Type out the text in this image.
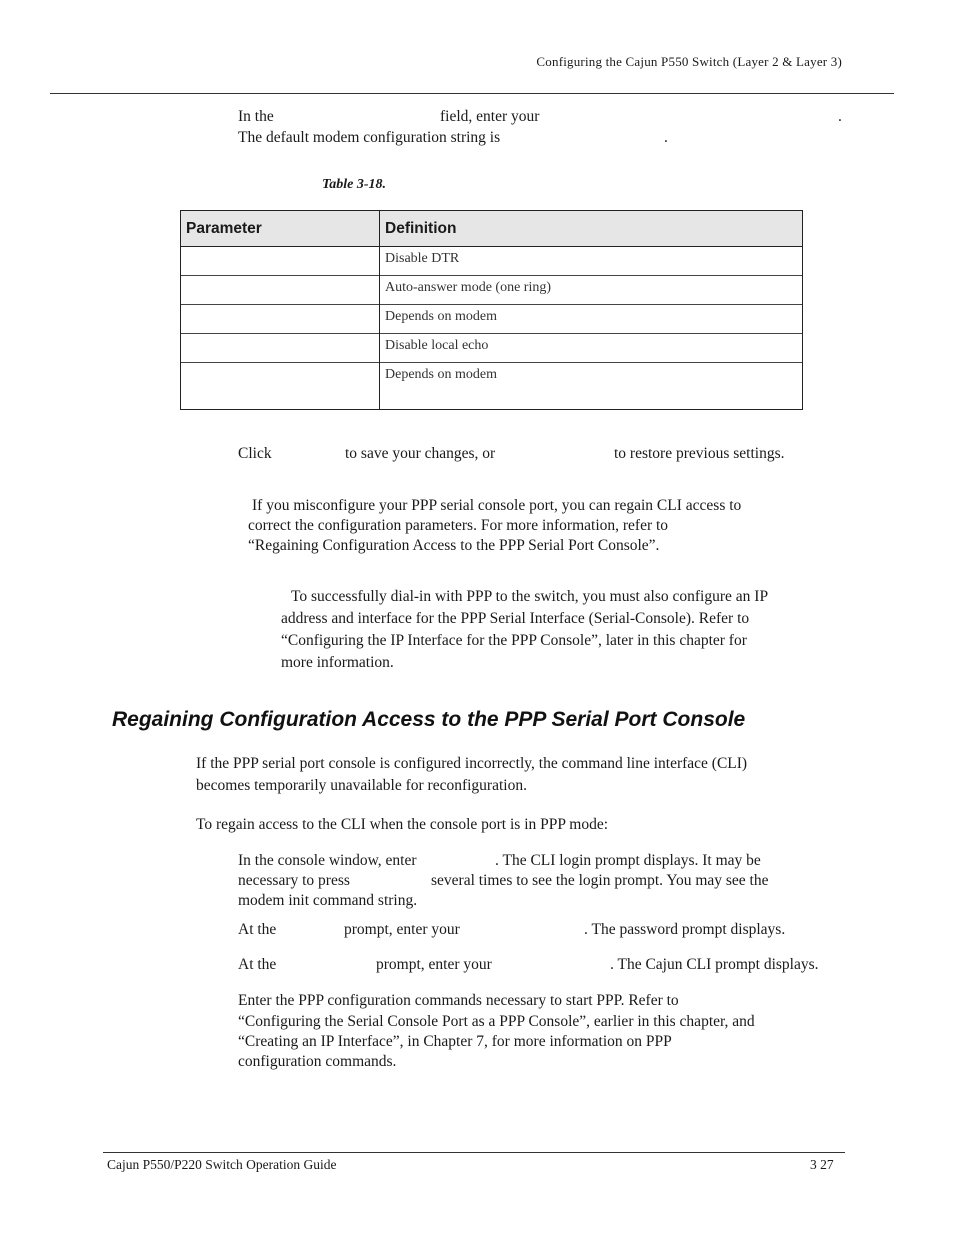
Configuring the Cajun P550 Switch (Layer 2 & Layer 3)
In the	field, enter your	.
The default modem configuration string is	.
Table 3-18.
Parameter	Definition
	Disable DTR
	Auto-answer mode (one ring)
	Depends on modem
	Disable local echo
	Depends on modem
Click	to save your changes, or	to restore previous settings.
If you misconfigure your PPP serial console port, you can regain CLI access to
correct the configuration parameters. For more information, refer to
“Regaining Configuration Access to the PPP Serial Port Console”.
To successfully dial-in with PPP to the switch, you must also configure an IP
address and interface for the PPP Serial Interface (Serial-Console). Refer to
“Configuring the IP Interface for the PPP Console”, later in this chapter for
more information.
Regaining Configuration Access to the PPP Serial Port Console
If the PPP serial port console is configured incorrectly, the command line interface (CLI)
becomes temporarily unavailable for reconfiguration.
To regain access to the CLI when the console port is in PPP mode:
In the console window, enter	. The CLI login prompt displays. It may be
necessary to press	several times to see the login prompt. You may see the
modem init command string.
At the	prompt, enter your	. The password prompt displays.
At the	prompt, enter your	. The Cajun CLI prompt displays.
Enter the PPP configuration commands necessary to start PPP. Refer to
“Configuring the Serial Console Port as a PPP Console”, earlier in this chapter, and
“Creating an IP Interface”, in Chapter 7, for more information on PPP
configuration commands.
Cajun P550/P220 Switch Operation Guide	3 27
